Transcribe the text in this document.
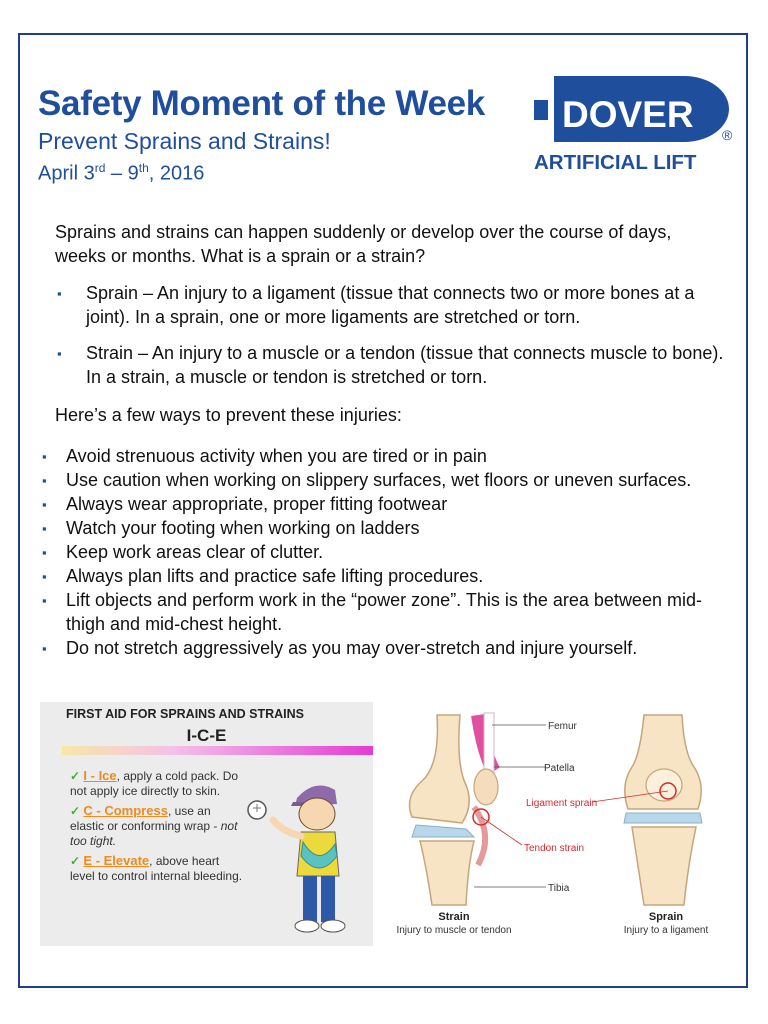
Safety Moment of the Week
Prevent Sprains and Strains!
April 3rd – 9th, 2016
DOVER ®
ARTIFICIAL LIFT
Sprains and strains can happen suddenly or develop over the course of days, weeks or months. What is a sprain or a strain?
▪ Sprain – An injury to a ligament (tissue that connects two or more bones at a joint). In a sprain, one or more ligaments are stretched or torn.
▪ Strain – An injury to a muscle or a tendon (tissue that connects muscle to bone). In a strain, a muscle or tendon is stretched or torn.
Here’s a few ways to prevent these injuries:
▪ Avoid strenuous activity when you are tired or in pain
▪ Use caution when working on slippery surfaces, wet floors or uneven surfaces.
▪ Always wear appropriate, proper fitting footwear
▪ Watch your footing when working on ladders
▪ Keep work areas clear of clutter.
▪ Always plan lifts and practice safe lifting procedures.
▪ Lift objects and perform work in the “power zone”. This is the area between mid-thigh and mid-chest height.
▪ Do not stretch aggressively as you may over-stretch and injure yourself.
FIRST AID FOR SPRAINS AND STRAINS
I-C-E
✓ I - Ice, apply a cold pack. Do not apply ice directly to skin.
✓ C - Compress, use an elastic or conforming wrap - not too tight.
✓ E - Elevate, above heart level to control internal bleeding.
Femur
Patella
Ligament sprain
Tendon strain
Tibia
Strain
Injury to muscle or tendon
Sprain
Injury to a ligament
